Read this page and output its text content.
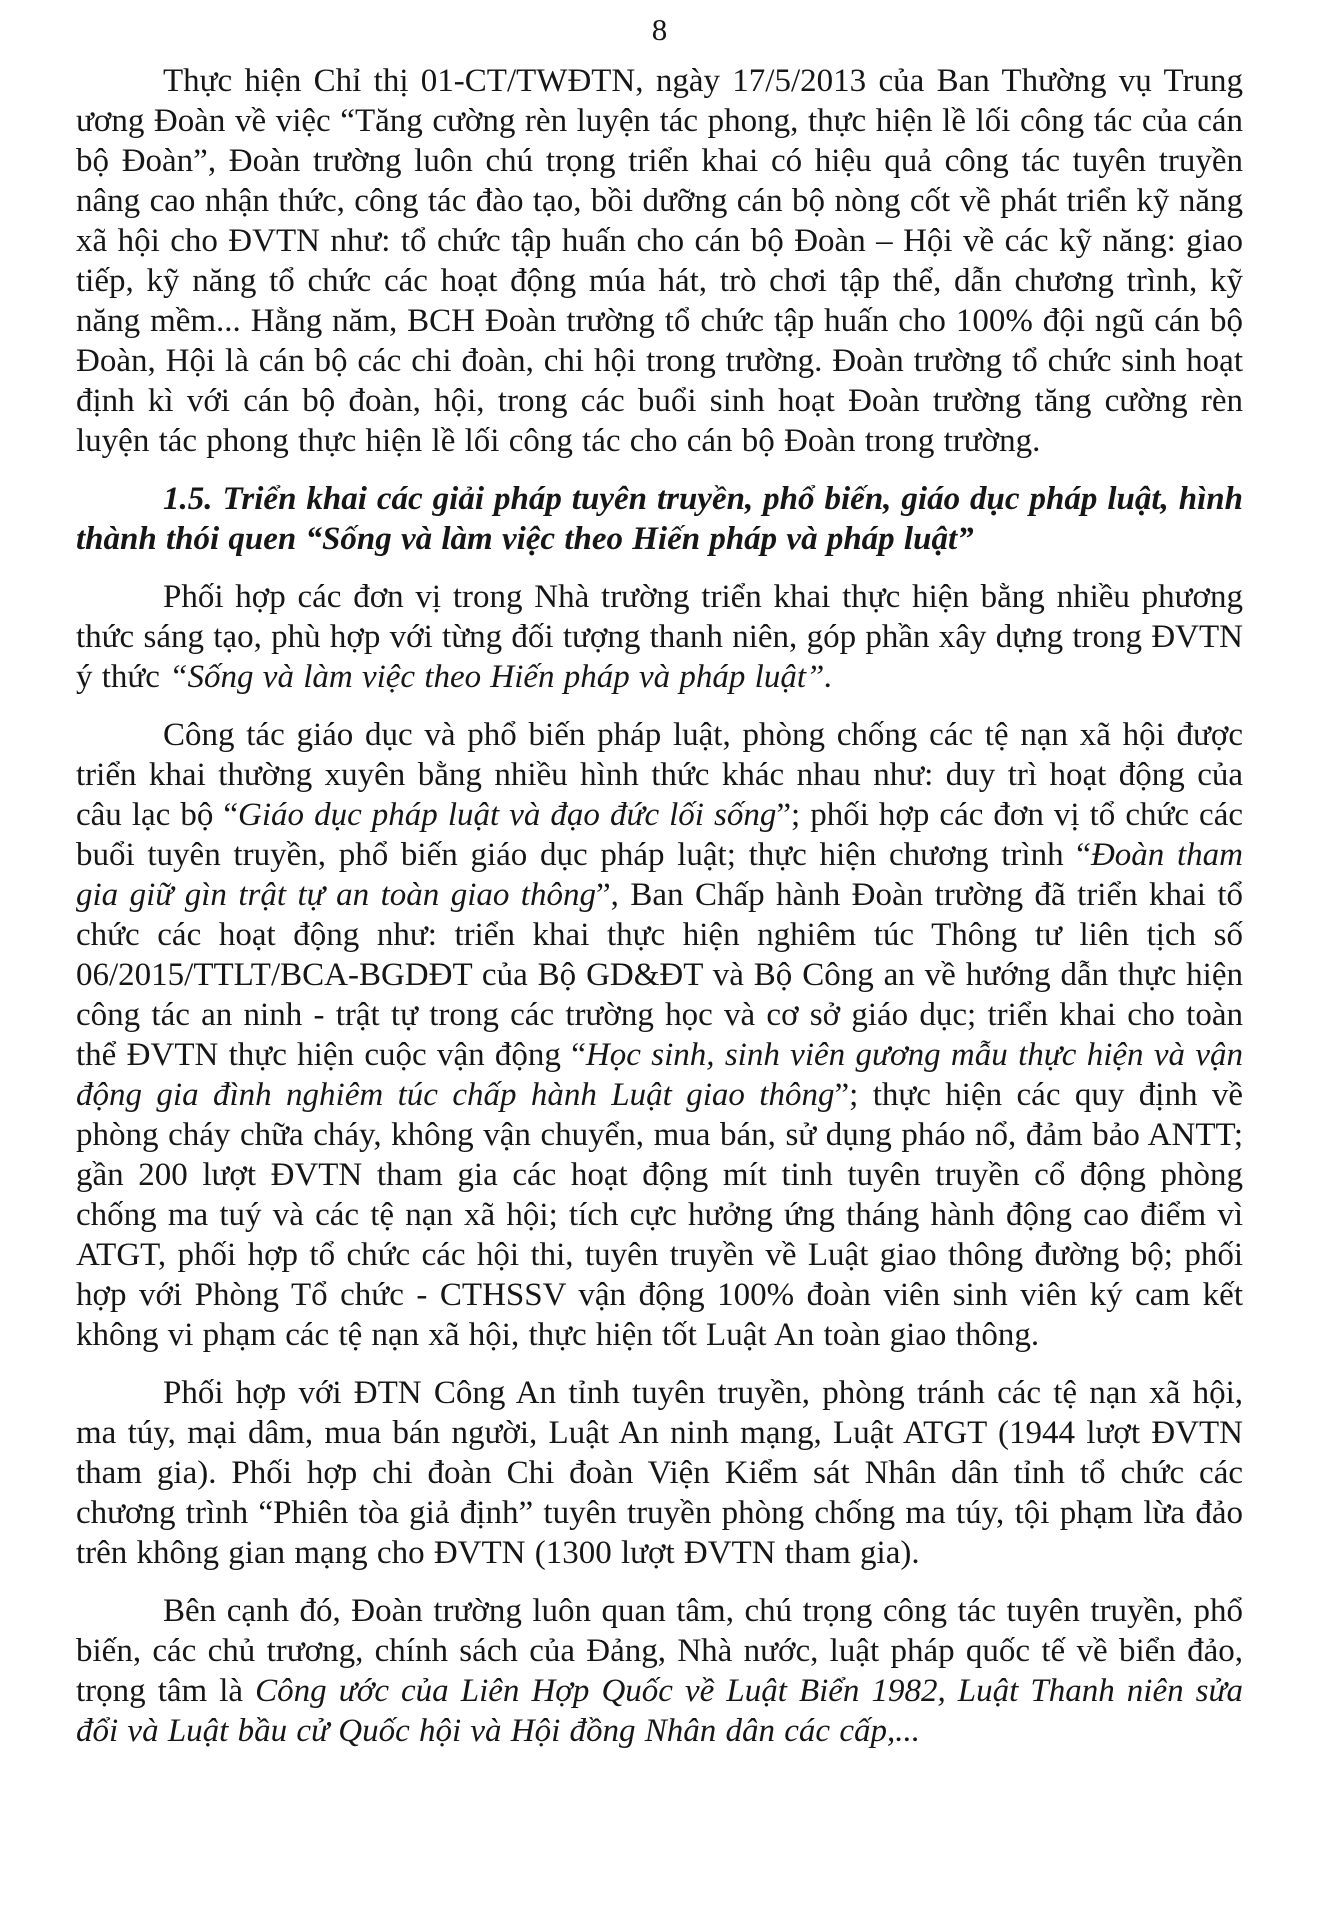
8

Thực hiện Chỉ thị 01-CT/TWĐTN, ngày 17/5/2013 của Ban Thường vụ Trung ương Đoàn về việc “Tăng cường rèn luyện tác phong, thực hiện lề lối công tác của cán bộ Đoàn”, Đoàn trường luôn chú trọng triển khai có hiệu quả công tác tuyên truyền nâng cao nhận thức, công tác đào tạo, bồi dưỡng cán bộ nòng cốt về phát triển kỹ năng xã hội cho ĐVTN như: tổ chức tập huấn cho cán bộ Đoàn – Hội về các kỹ năng: giao tiếp, kỹ năng tổ chức các hoạt động múa hát, trò chơi tập thể, dẫn chương trình, kỹ năng mềm... Hằng năm, BCH Đoàn trường tổ chức tập huấn cho 100% đội ngũ cán bộ Đoàn, Hội là cán bộ các chi đoàn, chi hội trong trường. Đoàn trường tổ chức sinh hoạt định kì với cán bộ đoàn, hội, trong các buổi sinh hoạt Đoàn trường tăng cường rèn luyện tác phong thực hiện lề lối công tác cho cán bộ Đoàn trong trường.

1.5. Triển khai các giải pháp tuyên truyền, phổ biến, giáo dục pháp luật, hình thành thói quen “Sống và làm việc theo Hiến pháp và pháp luật”

Phối hợp các đơn vị trong Nhà trường triển khai thực hiện bằng nhiều phương thức sáng tạo, phù hợp với từng đối tượng thanh niên, góp phần xây dựng trong ĐVTN ý thức “Sống và làm việc theo Hiến pháp và pháp luật”.

Công tác giáo dục và phổ biến pháp luật, phòng chống các tệ nạn xã hội được triển khai thường xuyên bằng nhiều hình thức khác nhau như: duy trì hoạt động của câu lạc bộ “Giáo dục pháp luật và đạo đức lối sống”; phối hợp các đơn vị tổ chức các buổi tuyên truyền, phổ biến giáo dục pháp luật; thực hiện chương trình “Đoàn tham gia giữ gìn trật tự an toàn giao thông”, Ban Chấp hành Đoàn trường đã triển khai tổ chức các hoạt động như: triển khai thực hiện nghiêm túc Thông tư liên tịch số 06/2015/TTLT/BCA-BGDĐT của Bộ GD&ĐT và Bộ Công an về hướng dẫn thực hiện công tác an ninh - trật tự trong các trường học và cơ sở giáo dục; triển khai cho toàn thể ĐVTN thực hiện cuộc vận động “Học sinh, sinh viên gương mẫu thực hiện và vận động gia đình nghiêm túc chấp hành Luật giao thông”; thực hiện các quy định về phòng cháy chữa cháy, không vận chuyển, mua bán, sử dụng pháo nổ, đảm bảo ANTT; gần 200 lượt ĐVTN tham gia các hoạt động mít tinh tuyên truyền cổ động phòng chống ma tuý và các tệ nạn xã hội; tích cực hưởng ứng tháng hành động cao điểm vì ATGT, phối hợp tổ chức các hội thi, tuyên truyền về Luật giao thông đường bộ; phối hợp với Phòng Tổ chức - CTHSSV vận động 100% đoàn viên sinh viên ký cam kết không vi phạm các tệ nạn xã hội, thực hiện tốt Luật An toàn giao thông.

Phối hợp với ĐTN Công An tỉnh tuyên truyền, phòng tránh các tệ nạn xã hội, ma túy, mại dâm, mua bán người, Luật An ninh mạng, Luật ATGT (1944 lượt ĐVTN tham gia). Phối hợp chi đoàn Chi đoàn Viện Kiểm sát Nhân dân tỉnh tổ chức các chương trình “Phiên tòa giả định” tuyên truyền phòng chống ma túy, tội phạm lừa đảo trên không gian mạng cho ĐVTN (1300 lượt ĐVTN tham gia).

Bên cạnh đó, Đoàn trường luôn quan tâm, chú trọng công tác tuyên truyền, phổ biến, các chủ trương, chính sách của Đảng, Nhà nước, luật pháp quốc tế về biển đảo, trọng tâm là Công ước của Liên Hợp Quốc về Luật Biển 1982, Luật Thanh niên sửa đổi và Luật bầu cử Quốc hội và Hội đồng Nhân dân các cấp,...
